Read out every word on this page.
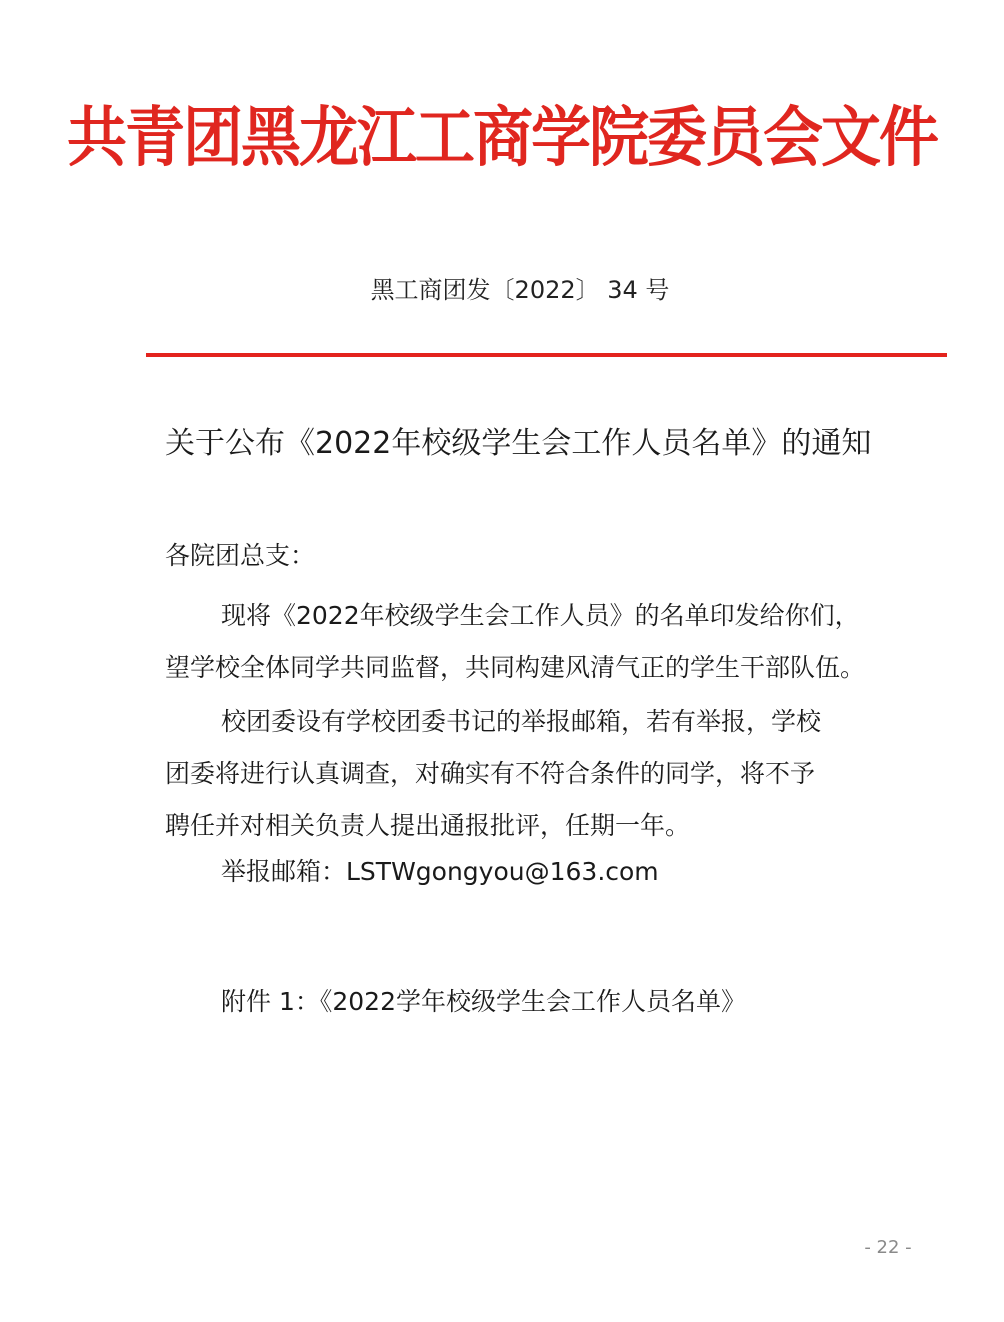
共青团黑龙江工商学院委员会文件
黑工商团发〔2022〕 34 号
关于公布《2022年校级学生会工作人员名单》的通知
各院团总支：
现将《2022年校级学生会工作人员》的名单印发给你们，
望学校全体同学共同监督，共同构建风清气正的学生干部队伍。
校团委设有学校团委书记的举报邮箱，若有举报，学校
团委将进行认真调查，对确实有不符合条件的同学，将不予
聘任并对相关负责人提出通报批评，任期一年。
举报邮箱：LSTWgongyou@163.com
附件 1：《2022学年校级学生会工作人员名单》
- 22 -
